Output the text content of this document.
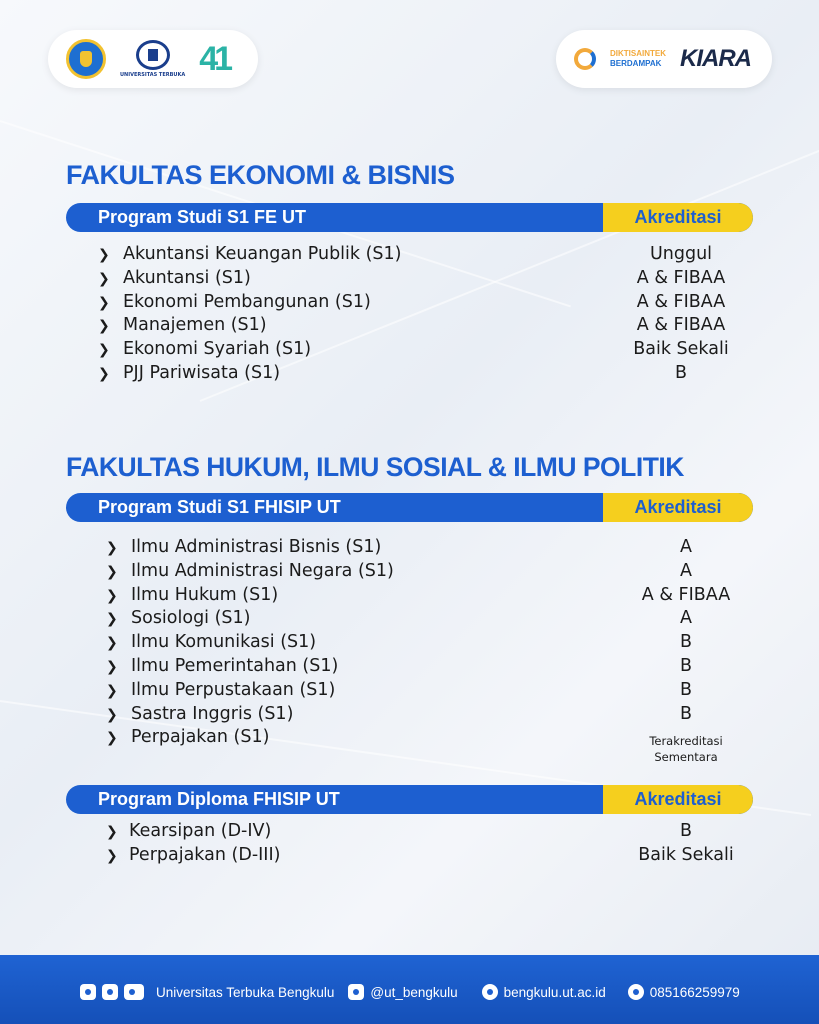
UNIVERSITAS TERBUKA 41	DIKTISAINTEK
BERDAMPAK KIARA
FAKULTAS EKONOMI & BISNIS
Program Studi S1 FE UT	Akreditasi
❯ Akuntansi Keuangan Publik (S1)	Unggul
❯ Akuntansi (S1)	A & FIBAA
❯ Ekonomi Pembangunan (S1)	A & FIBAA
❯ Manajemen (S1)	A & FIBAA
❯ Ekonomi Syariah (S1)	Baik Sekali
❯ PJJ Pariwisata (S1)	B
FAKULTAS HUKUM, ILMU SOSIAL & ILMU POLITIK
Program Studi S1 FHISIP UT	Akreditasi
❯ Ilmu Administrasi Bisnis (S1)	A
❯ Ilmu Administrasi Negara (S1)	A
❯ Ilmu Hukum (S1)	A & FIBAA
❯ Sosiologi (S1)	A
❯ Ilmu Komunikasi (S1)	B
❯ Ilmu Pemerintahan (S1)	B
❯ Ilmu Perpustakaan (S1)	B
❯ Sastra Inggris (S1)	B
❯ Perpajakan (S1)	Terakreditasi
Sementara
Program Diploma FHISIP UT	Akreditasi
❯ Kearsipan (D-IV)	B
❯ Perpajakan (D-III)	Baik Sekali
Universitas Terbuka Bengkulu	@ut_bengkulu	bengkulu.ut.ac.id	085166259979
